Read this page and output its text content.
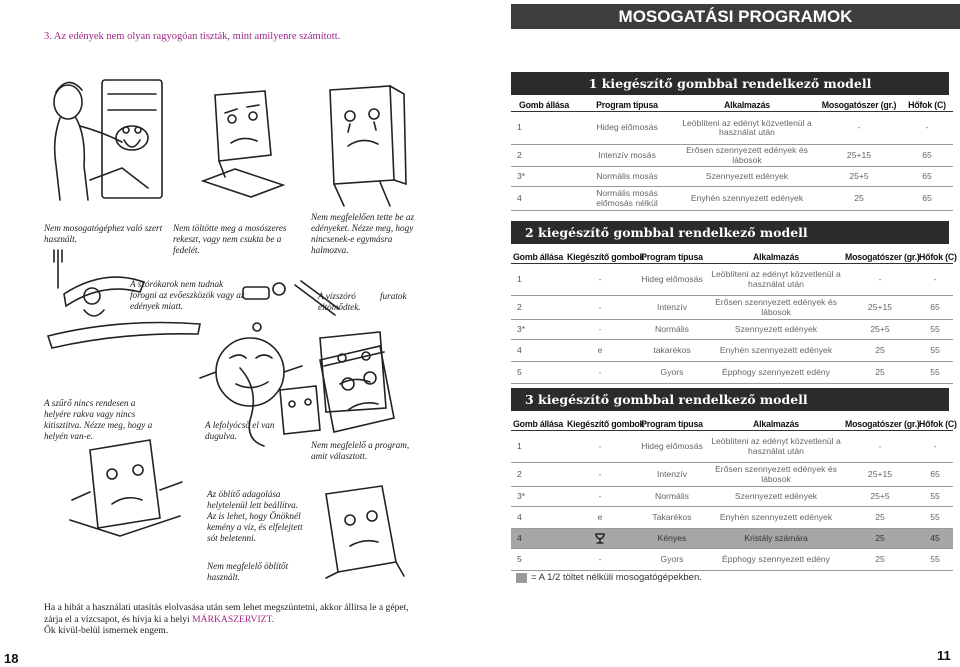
3. Az edények nem olyan ragyogóan tiszták, mint amilyenre számított.
Nem mosogatógéphez való szert használt.
Nem töltötte meg a mosószeres rekeszt, vagy nem csukta be a fedelét.
Nem megfelelően tette be az edényeket. Nézze meg, hogy nincsenek-e egymásra halmozva.
A szórókarok nem tudnak forogni az evőeszközök vagy az edények miatt.
A vízszóró	furatok
eltömődtek.
A szűrő nincs rendesen a helyére rakva vagy nincs kitisztítva. Nézze meg, hogy a helyén van-e.
A lefolyócső el van dugulva.
Nem megfelelő a program, amit választott.
Az öblítő adagolása helytelenül lett beállítva. Az is lehet, hogy Önöknél kemény a víz, és elfelejtett sót beletenni.
Nem megfelelő öblítőt használt.
Ha a hibát a használati utasítás elolvasása után sem lehet megszüntetni, akkor állítsa le a gépet, zárja el a vízcsapot, és hívja ki a helyi MÁRKASZERVIZT.
Ők kívül-belül ismernek engem.
18
MOSOGATÁSI PROGRAMOK
1 kiegészítő gombbal rendelkező modell
Gomb állása	Program típusa	Alkalmazás	Mosogatószer (gr.)	Hőfok (C)
1	Hideg előmosás	Leöblíteni az edényt közvetlenül a használat után	-	-
2	Intenzív mosás	Erősen szennyezett edények és lábosok	25+15	65
3*	Normális mosás	Szennyezett edények	25+5	65
4	Normális mosás előmosás nélkül	Enyhén szennyezett edények	25	65
2 kiegészítő gombbal rendelkező modell
Gomb állása	Kiegészítő gombok	Program típusa	Alkalmazás	Mosogatószer (gr.)	Hőfok (C)
1	-	Hideg előmosás	Leöblíteni az edényt közvetlenül a használat után	-	-
2	-	Intenzív	Erősen szennyezett edények és lábosok	25+15	65
3*	-	Normális	Szennyezett edények	25+5	55
4	e	takarékos	Enyhén szennyezett edények	25	55
5	-	Gyors	Épphogy szennyezett edény	25	55
3 kiegészítő gombbal rendelkező modell
Gomb állása	Kiegészítő gombok	Program típusa	Alkalmazás	Mosogatószer (gr.)	Hőfok (C)
1	-	Hideg előmosás	Leöblíteni az edényt közvetlenül a használat után	-	-
2	-	Intenzív	Erősen szennyezett edények és lábosok	25+15	65
3*	-	Normális	Szennyezett edények	25+5	55
4	e	Takarékos	Enyhén szennyezett edények	25	55
4		Kényes	Kristály számára	25	45
5	-	Gyors	Épphogy szennyezett edény	25	55
= A 1/2 töltet nélküli mosogatógépekben.
11
